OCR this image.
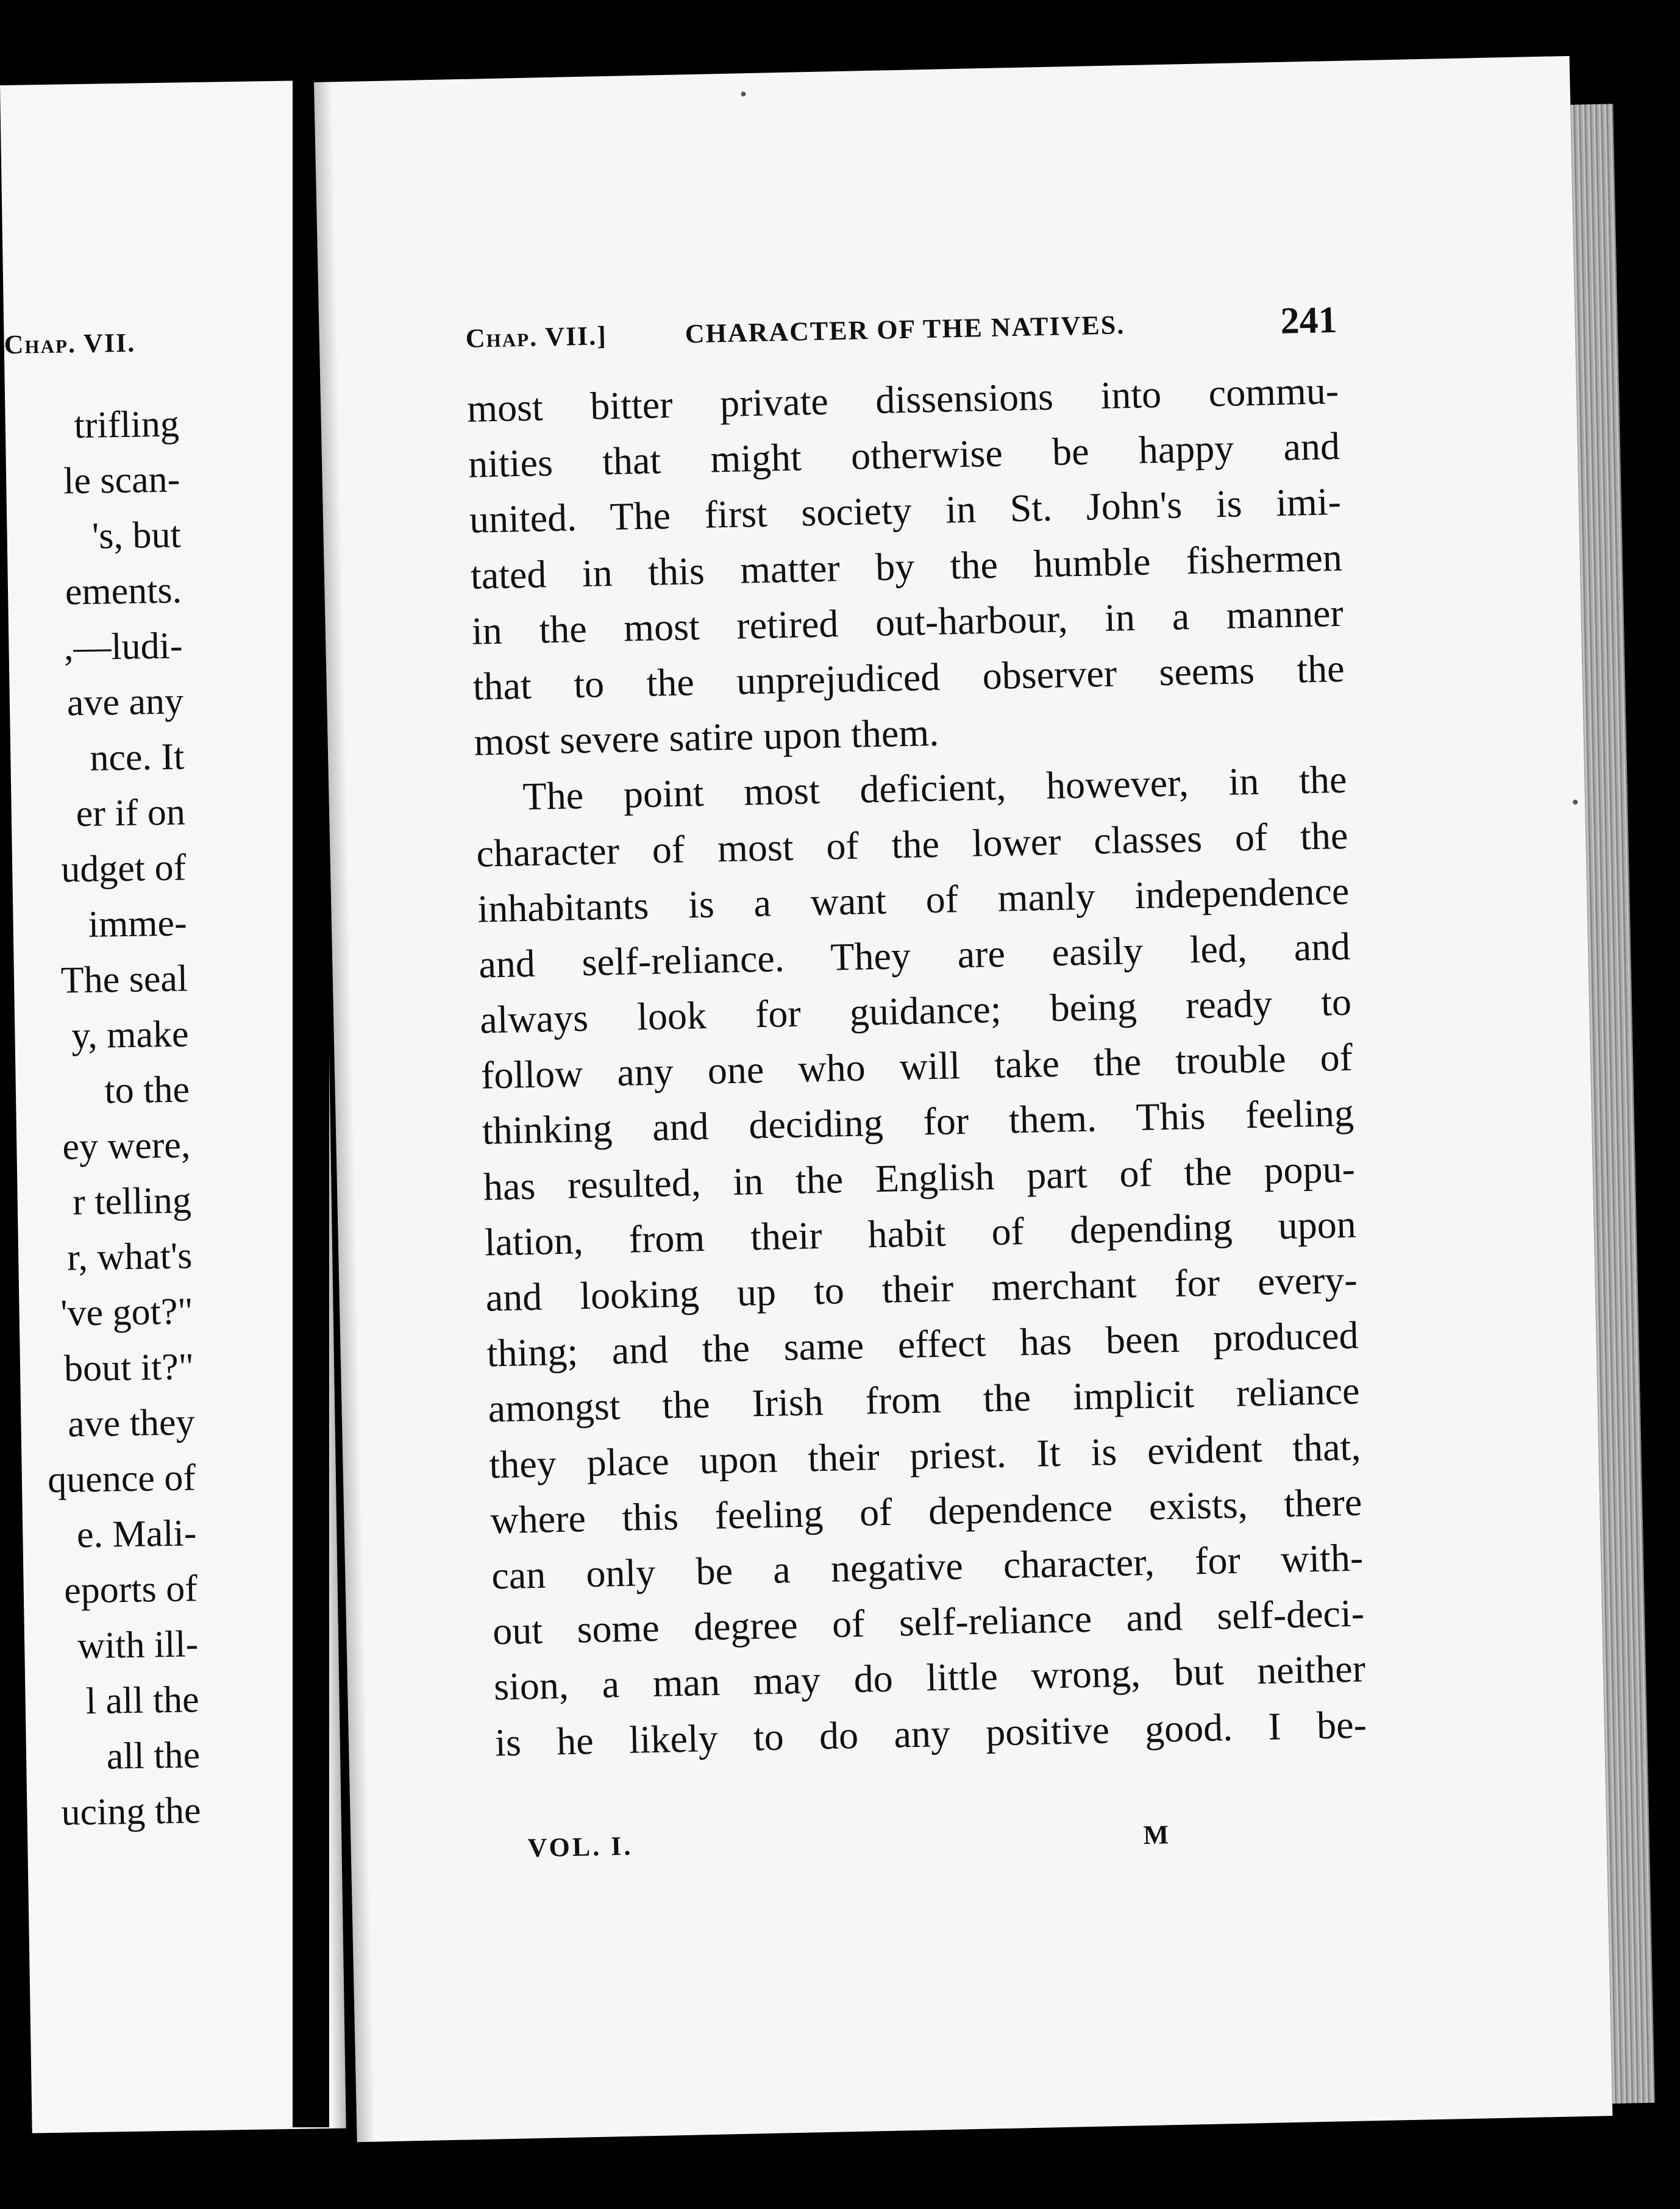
Chap. VII.
trifling
le scan-
's, but
ements.
,—ludi-
ave any
nce. It
er if on
udget of
imme-
The seal
y, make
to the
ey were,
r telling
r, what's
've got?"
bout it?"
ave they
quence of
e. Mali-
eports of
with ill-
l all the
all the
ucing the
Chap. VII.]	CHARACTER OF THE NATIVES.	241
most bitter private dissensions into commu-
nities that might otherwise be happy and
united. The first society in St. John's is imi-
tated in this matter by the humble fishermen
in the most retired out-harbour, in a manner
that to the unprejudiced observer seems the
most severe satire upon them.
The point most deficient, however, in the
character of most of the lower classes of the
inhabitants is a want of manly independence
and self-reliance. They are easily led, and
always look for guidance; being ready to
follow any one who will take the trouble of
thinking and deciding for them. This feeling
has resulted, in the English part of the popu-
lation, from their habit of depending upon
and looking up to their merchant for every-
thing; and the same effect has been produced
amongst the Irish from the implicit reliance
they place upon their priest. It is evident that,
where this feeling of dependence exists, there
can only be a negative character, for with-
out some degree of self-reliance and self-deci-
sion, a man may do little wrong, but neither
is he likely to do any positive good. I be-
VOL. I.	M
